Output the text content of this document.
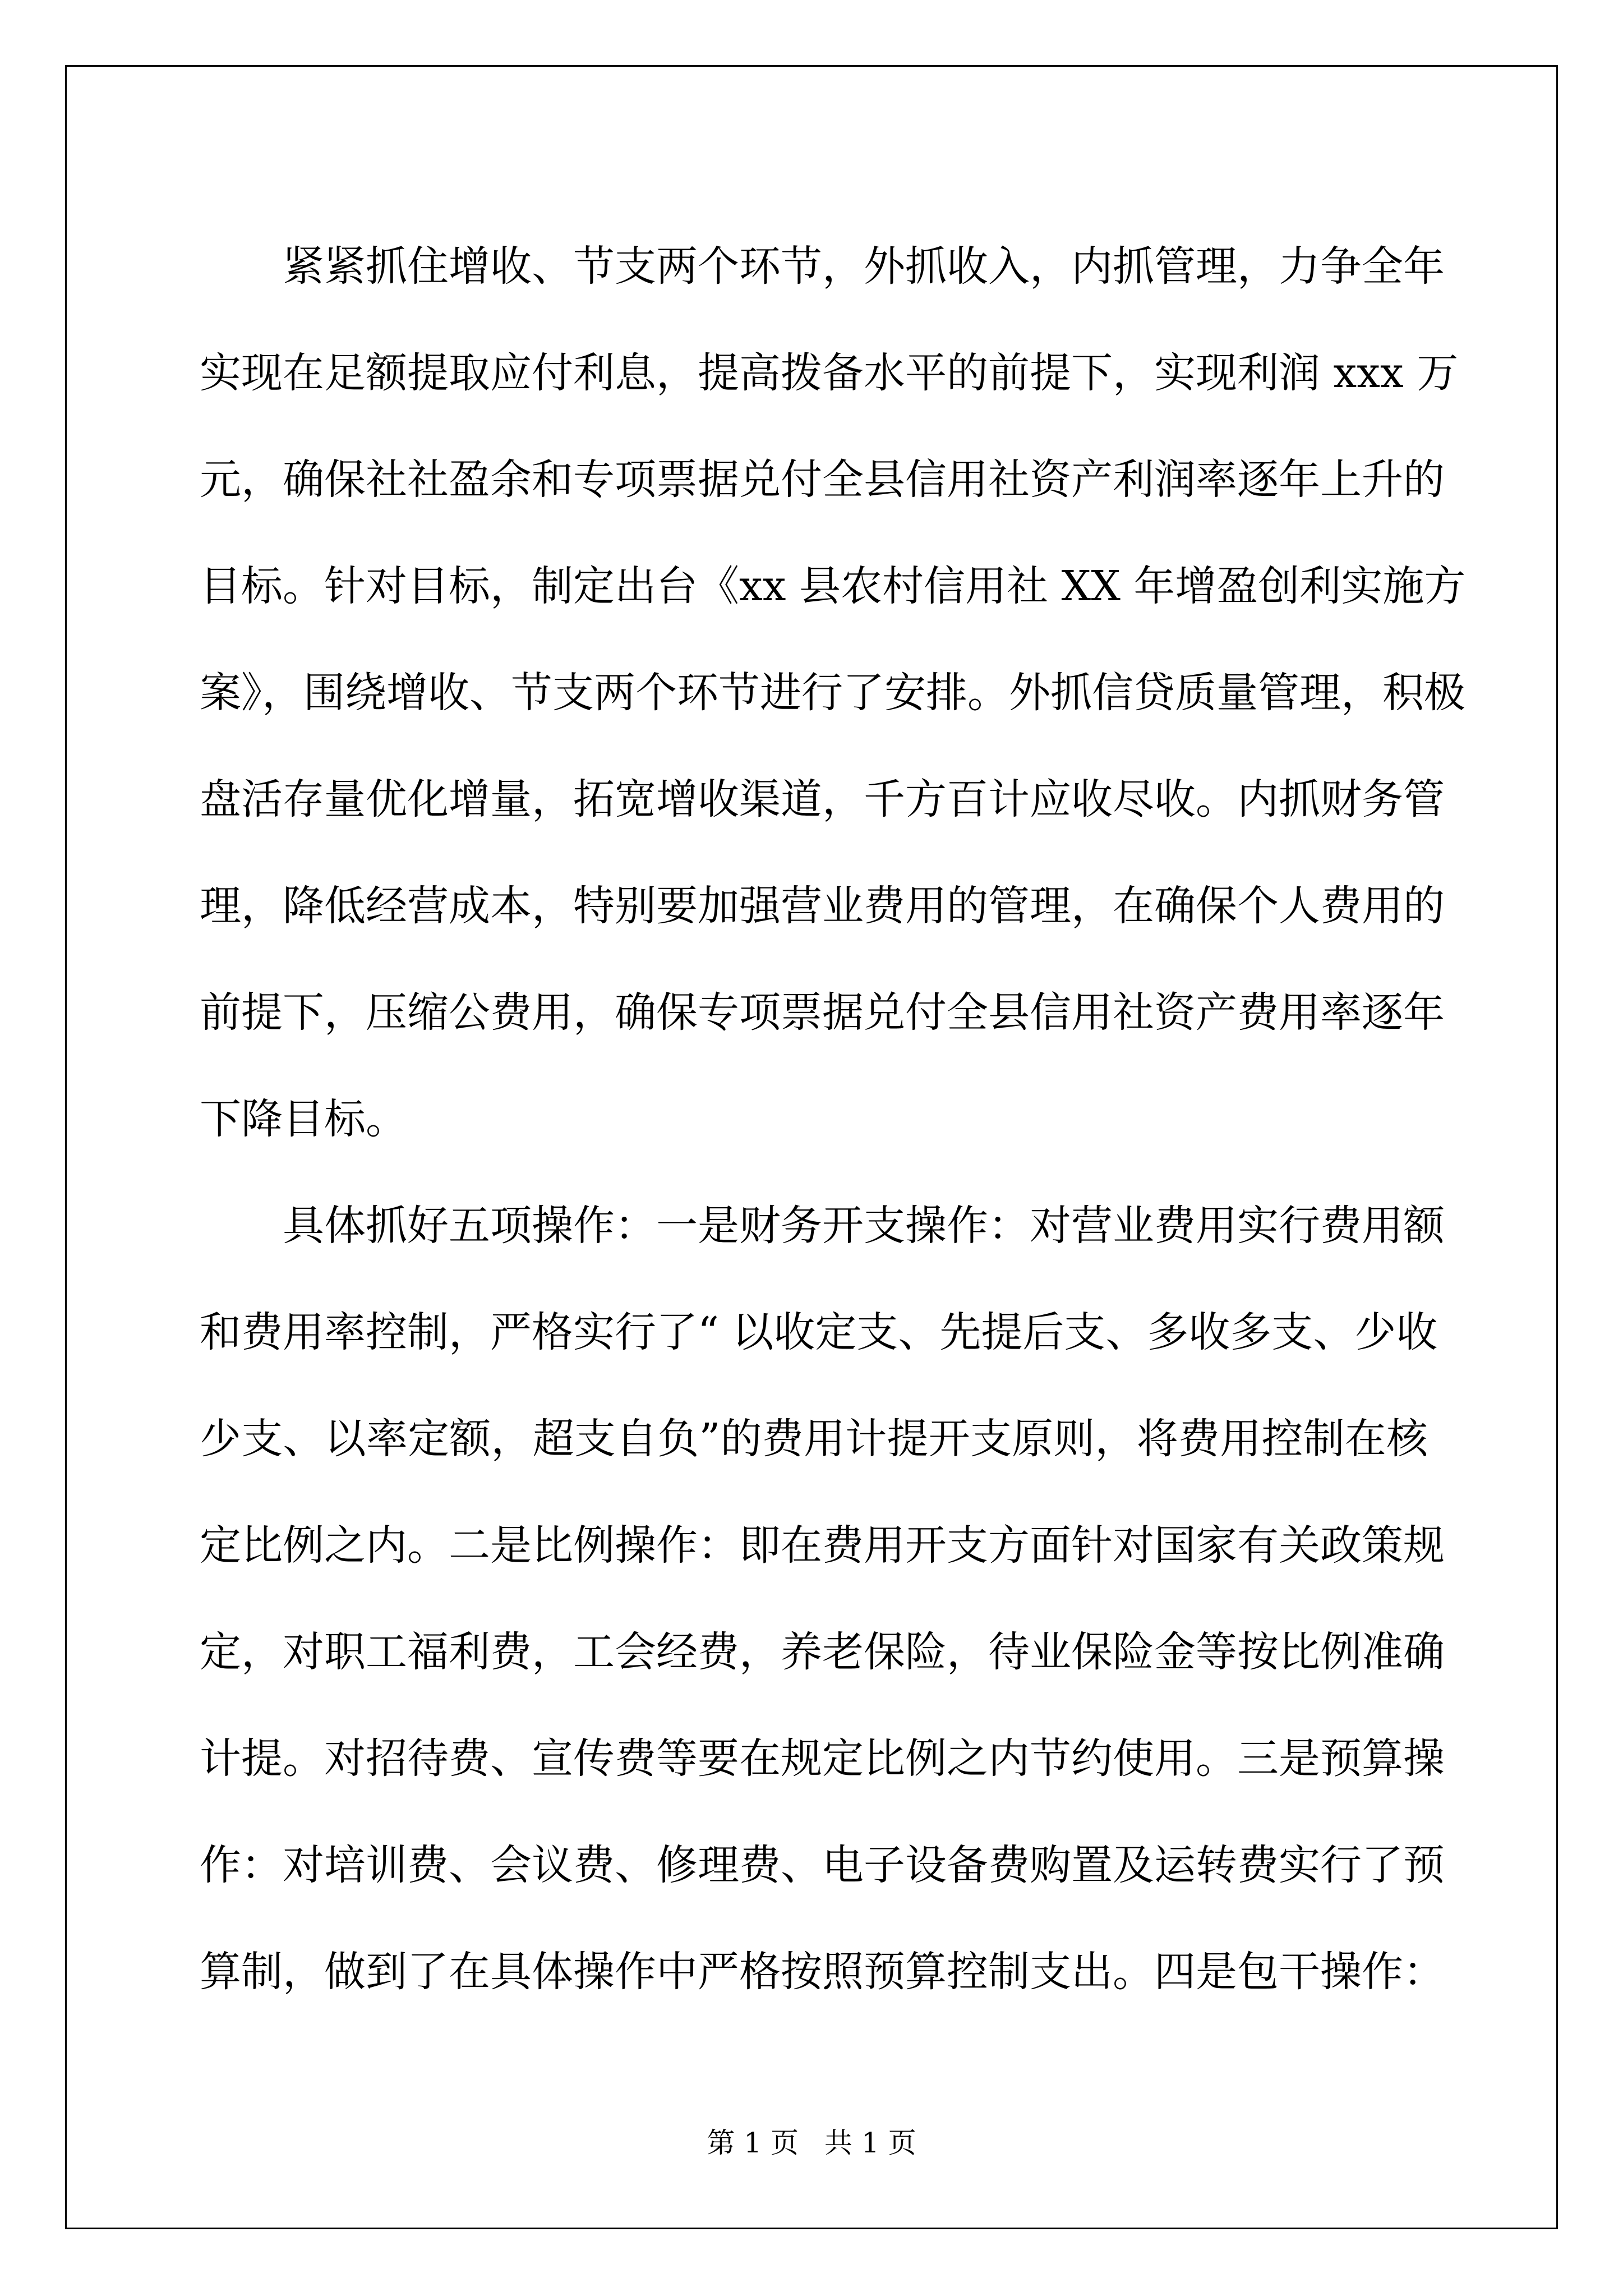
　　紧紧抓住增收、节支两个环节，外抓收入，内抓管理，力争全年
实现在足额提取应付利息，提高拨备水平的前提下，实现利润 xxx 万
元，确保社社盈余和专项票据兑付全县信用社资产利润率逐年上升的
目标。针对目标，制定出台《xx 县农村信用社 XX 年增盈创利实施方
案》，围绕增收、节支两个环节进行了安排。外抓信贷质量管理，积极
盘活存量优化增量，拓宽增收渠道，千方百计应收尽收。内抓财务管
理，降低经营成本，特别要加强营业费用的管理，在确保个人费用的
前提下，压缩公费用，确保专项票据兑付全县信用社资产费用率逐年
下降目标。
　　具体抓好五项操作：一是财务开支操作：对营业费用实行费用额
和费用率控制，严格实行了“ 以收定支、先提后支、多收多支、少收
少支、以率定额，超支自负”的费用计提开支原则，将费用控制在核
定比例之内。二是比例操作：即在费用开支方面针对国家有关政策规
定，对职工福利费，工会经费，养老保险，待业保险金等按比例准确
计提。对招待费、宣传费等要在规定比例之内节约使用。三是预算操
作：对培训费、会议费、修理费、电子设备费购置及运转费实行了预
算制，做到了在具体操作中严格按照预算控制支出。四是包干操作：
第 1 页 共 1 页
